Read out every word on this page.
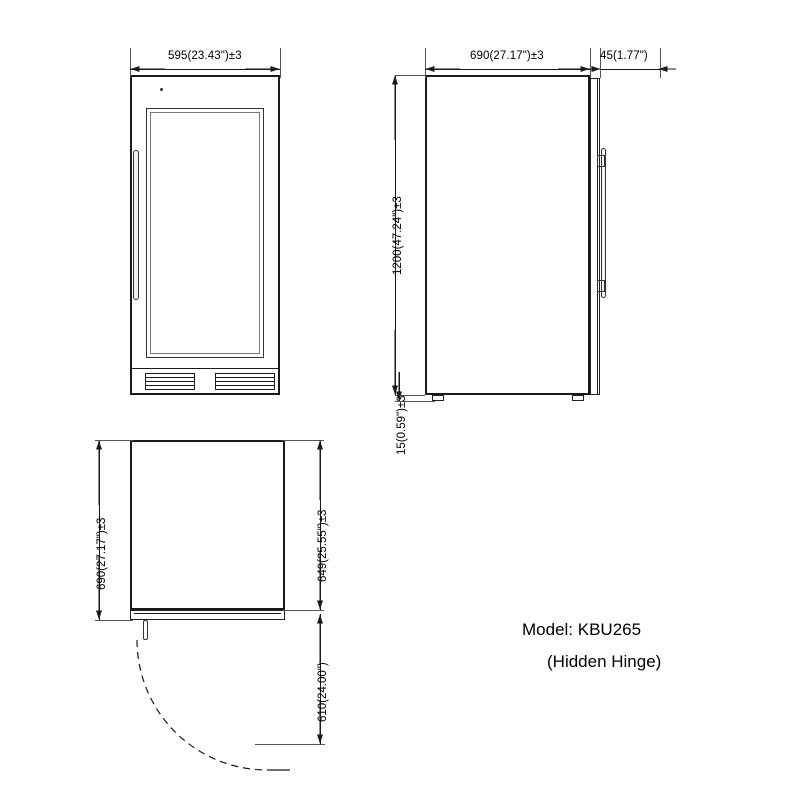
595(23.43")±3	690(27.17")±3	45(1.77")
1200(47.24")±3
15(0.59")±3
690(27.17")±3	649(25.55")±3
610(24.00")
Model: KBU265
(Hidden Hinge)
